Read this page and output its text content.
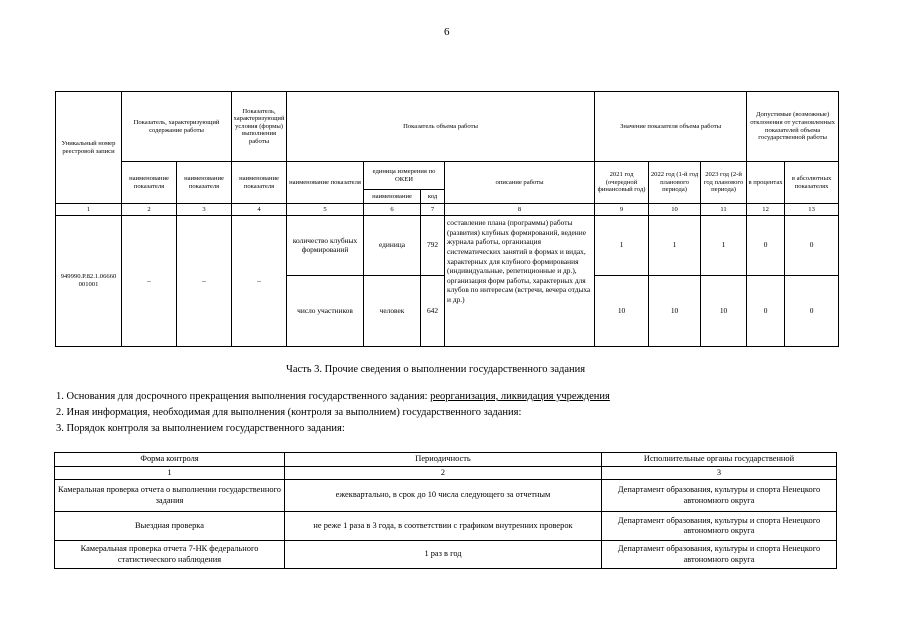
6
Уникальный номер реестровой записи	Показатель, характеризующий содержание работы		Показатель, характеризующий условия (формы) выполнения работы	Показатель объема работы				Значение показателя объема работы			Допустимые (возможные) отклонения от установленных показателей объема государственной работы	
	наименование показателя	наименование показателя	наименование показателя	наименование показателя	единица измерения по ОКЕИ		описание работы	2021 год (очередной финансовый год)	2022 год (1-й год планового периода)	2023 год (2-й год планового периода)	в процентах	в абсолютных показателях
					наименование	код						
1	2	3	4	5	6	7	8	9	10	11	12	13
949990.Р.82.1.06660 001001	–	–	–	количество клубных формирований	единица	792	составление плана (программы) работы (развития) клубных формирований, ведение журнала работы, организация систематических занятий в формах и видах, характерных для клубного формирования (индивидуальные, репетиционные и др.), организация форм работы, характерных для клубов по интересам (встречи, вечера отдыха и др.)	1	1	1	0	0
				число участников	человек	642		10	10	10	0	0
Часть 3. Прочие сведения о выполнении государственного задания
1. Основания для досрочного прекращения выполнения государственного задания: реорганизация, ликвидация учреждения
2. Иная информация, необходимая для выполнения (контроля за выполнием) государственного задания:
3. Порядок контроля за выполнением государственного задания:
Форма контроля	Периодичность	Исполнительные органы государственной
1	2	3
Камеральная проверка отчета о выполнении государственного задания	ежеквартально, в срок до 10 числа следующего за отчетным	Департамент образования, культуры и спорта Ненецкого автономного округа
Выездная проверка	не реже 1 раза в 3 года, в соответствии с графиком внутренних проверок	Департамент образования, культуры и спорта Ненецкого автономного округа
Камеральная проверка отчета 7-НК федерального статистического наблюдения	1 раз в год	Департамент образования, культуры и спорта Ненецкого автономного округа
